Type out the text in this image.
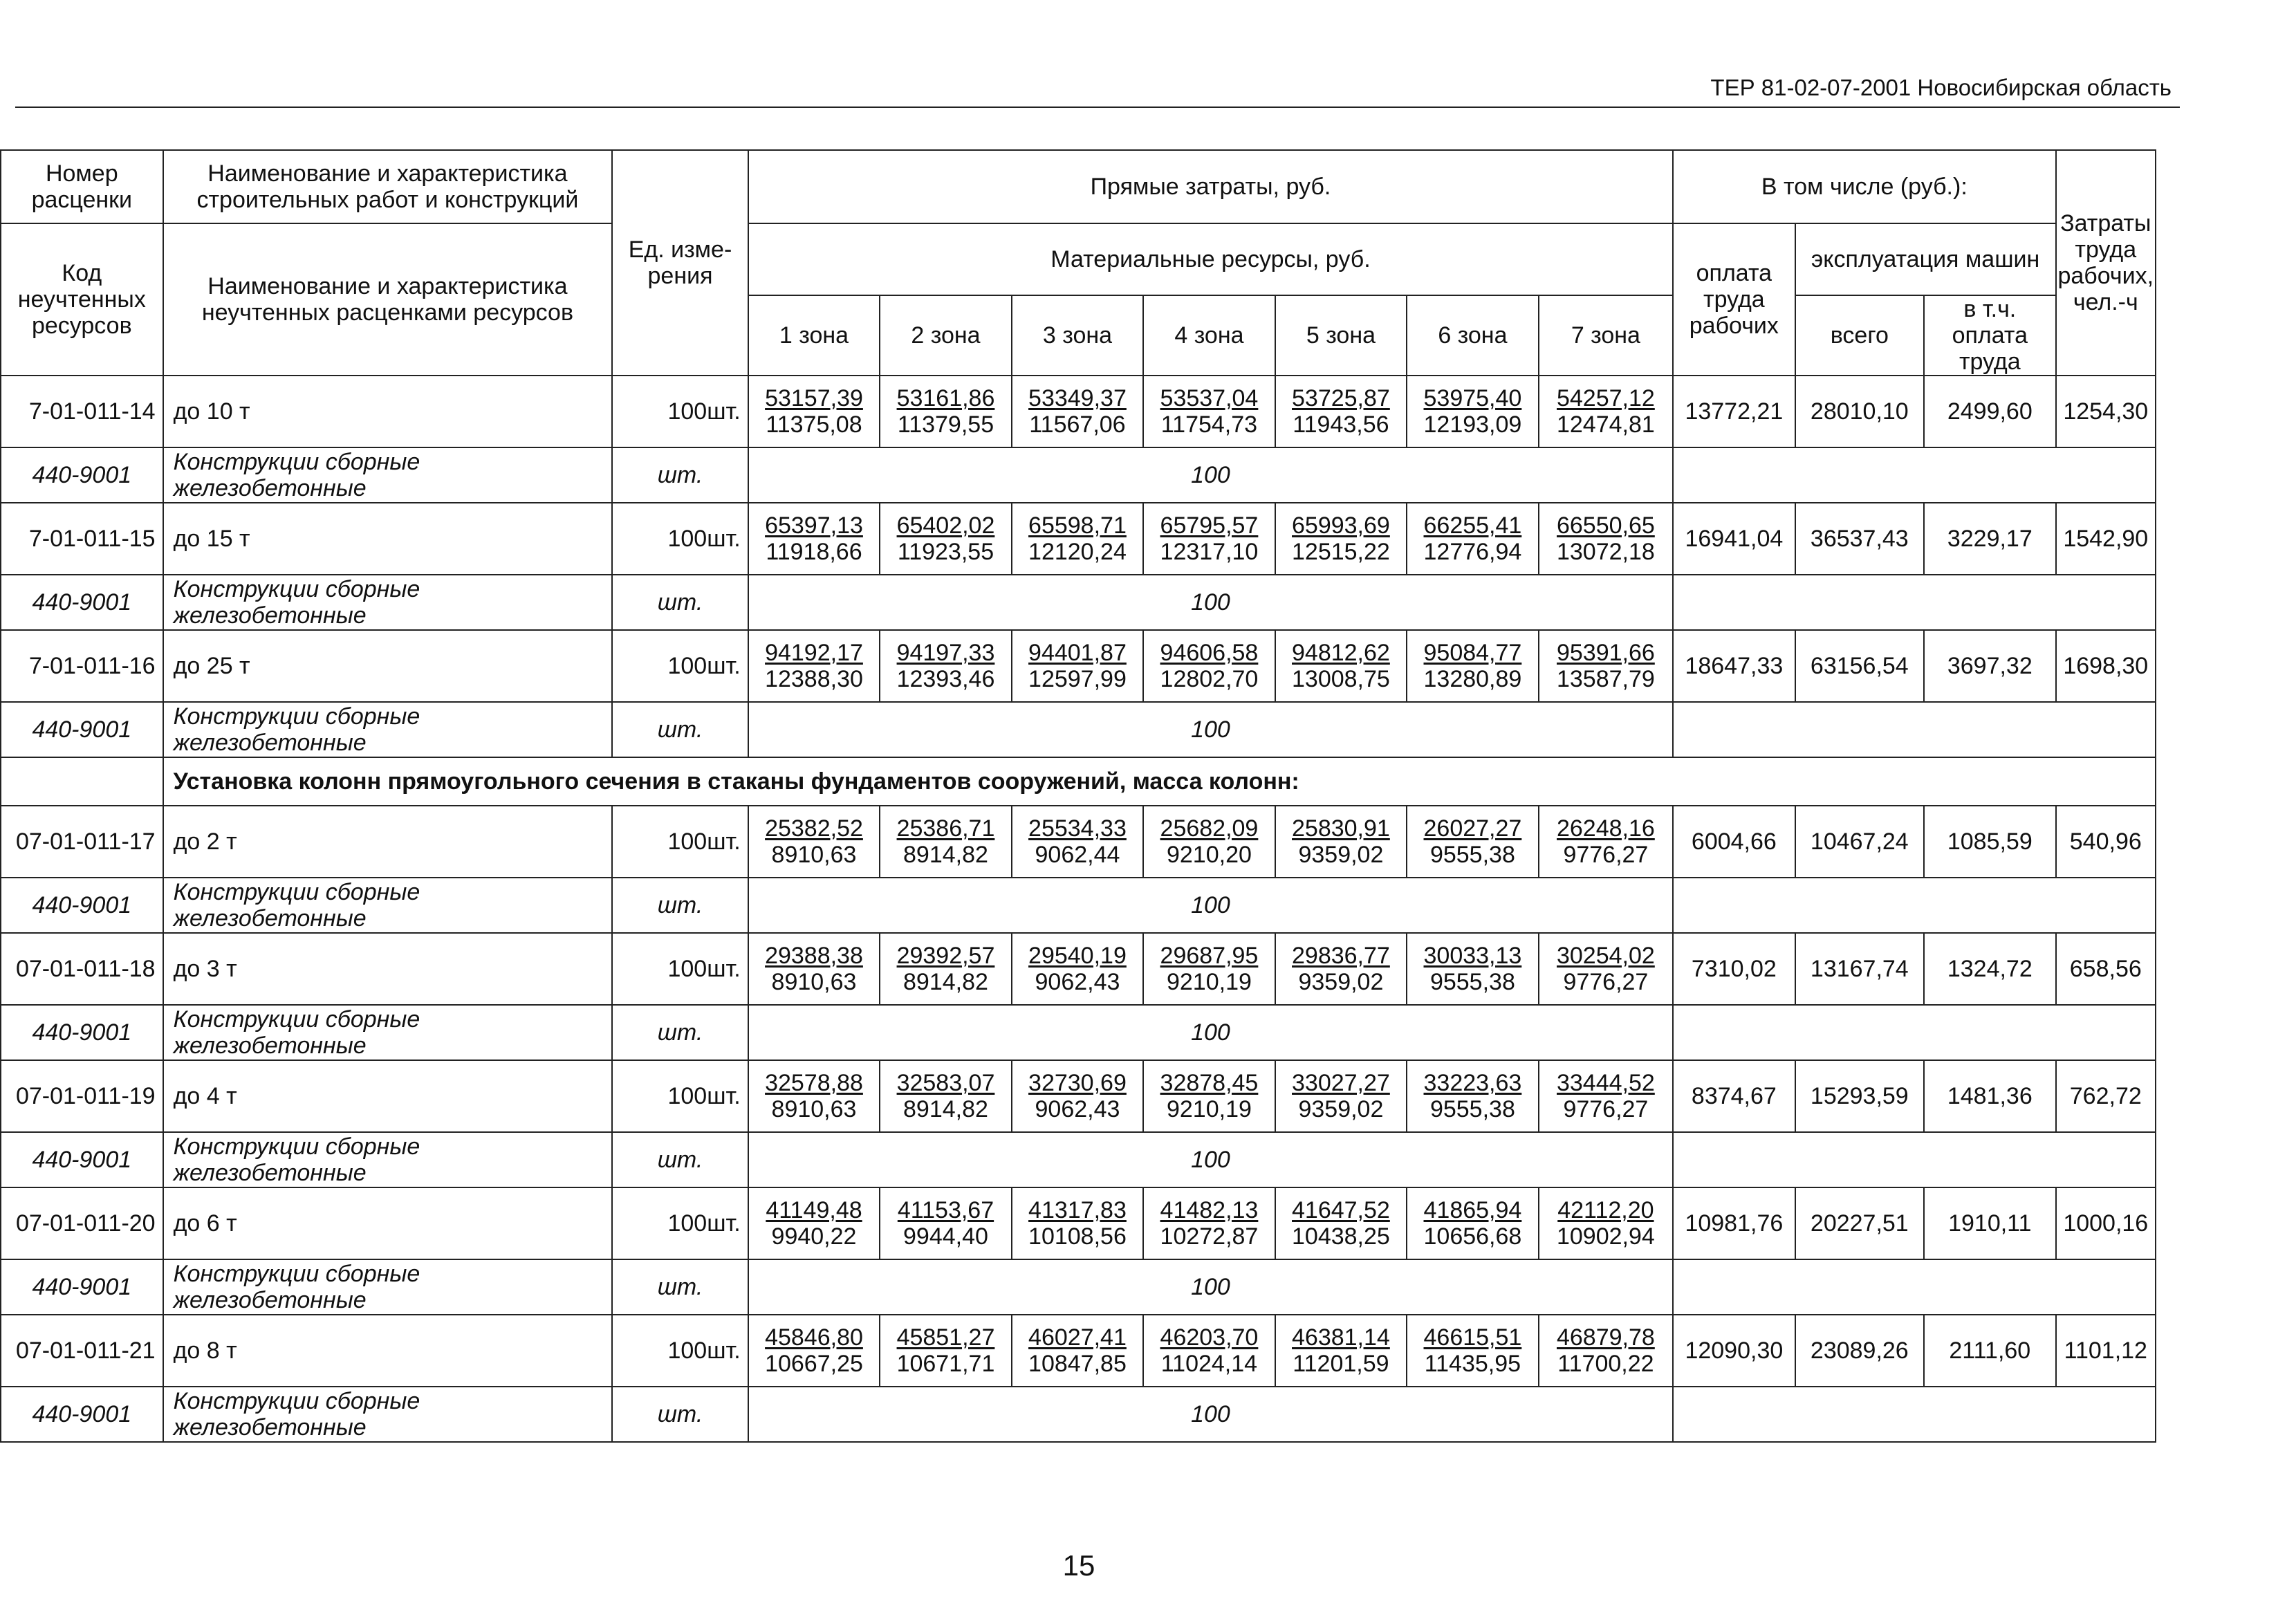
ТЕР 81-02-07-2001 Новосибирская область
Номер расценки	Наименование и характеристика строительных работ и конструкций	Ед. изме- рения	Прямые затраты, руб.							В том числе (руб.):			Затраты труда рабочих, чел.-ч
Код неучтенных ресурсов	Наименование и характеристика неучтенных расценками ресурсов		Материальные ресурсы, руб.							оплата труда рабочих	эксплуатация машин		
			1 зона	2 зона	3 зона	4 зона	5 зона	6 зона	7 зона		всего	в т.ч. оплата труда	
7-01-011-14	до 10 т	100шт.	$\frac{53157,39}{11375,08}$	$\frac{53161,86}{11379,55}$	$\frac{53349,37}{11567,06}$	$\frac{53537,04}{11754,73}$	$\frac{53725,87}{11943,56}$	$\frac{53975,40}{12193,09}$	$\frac{54257,12}{12474,81}$	13772,21	28010,10	2499,60	1254,30
440-9001	Конструкции сборные железобетонные	шт.	100										
7-01-011-15	до 15 т	100шт.	$\frac{65397,13}{11918,66}$	$\frac{65402,02}{11923,55}$	$\frac{65598,71}{12120,24}$	$\frac{65795,57}{12317,10}$	$\frac{65993,69}{12515,22}$	$\frac{66255,41}{12776,94}$	$\frac{66550,65}{13072,18}$	16941,04	36537,43	3229,17	1542,90
440-9001	Конструкции сборные железобетонные	шт.	100										
7-01-011-16	до 25 т	100шт.	$\frac{94192,17}{12388,30}$	$\frac{94197,33}{12393,46}$	$\frac{94401,87}{12597,99}$	$\frac{94606,58}{12802,70}$	$\frac{94812,62}{13008,75}$	$\frac{95084,77}{13280,89}$	$\frac{95391,66}{13587,79}$	18647,33	63156,54	3697,32	1698,30
440-9001	Конструкции сборные железобетонные	шт.	100										
	Установка колонн прямоугольного сечения в стаканы фундаментов сооружений, масса колонн:												
07-01-011-17	до 2 т	100шт.	$\frac{25382,52}{8910,63}$	$\frac{25386,71}{8914,82}$	$\frac{25534,33}{9062,44}$	$\frac{25682,09}{9210,20}$	$\frac{25830,91}{9359,02}$	$\frac{26027,27}{9555,38}$	$\frac{26248,16}{9776,27}$	6004,66	10467,24	1085,59	540,96
440-9001	Конструкции сборные железобетонные	шт.	100										
07-01-011-18	до 3 т	100шт.	$\frac{29388,38}{8910,63}$	$\frac{29392,57}{8914,82}$	$\frac{29540,19}{9062,43}$	$\frac{29687,95}{9210,19}$	$\frac{29836,77}{9359,02}$	$\frac{30033,13}{9555,38}$	$\frac{30254,02}{9776,27}$	7310,02	13167,74	1324,72	658,56
440-9001	Конструкции сборные железобетонные	шт.	100										
07-01-011-19	до 4 т	100шт.	$\frac{32578,88}{8910,63}$	$\frac{32583,07}{8914,82}$	$\frac{32730,69}{9062,43}$	$\frac{32878,45}{9210,19}$	$\frac{33027,27}{9359,02}$	$\frac{33223,63}{9555,38}$	$\frac{33444,52}{9776,27}$	8374,67	15293,59	1481,36	762,72
440-9001	Конструкции сборные железобетонные	шт.	100										
07-01-011-20	до 6 т	100шт.	$\frac{41149,48}{9940,22}$	$\frac{41153,67}{9944,40}$	$\frac{41317,83}{10108,56}$	$\frac{41482,13}{10272,87}$	$\frac{41647,52}{10438,25}$	$\frac{41865,94}{10656,68}$	$\frac{42112,20}{10902,94}$	10981,76	20227,51	1910,11	1000,16
440-9001	Конструкции сборные железобетонные	шт.	100										
07-01-011-21	до 8 т	100шт.	$\frac{45846,80}{10667,25}$	$\frac{45851,27}{10671,71}$	$\frac{46027,41}{10847,85}$	$\frac{46203,70}{11024,14}$	$\frac{46381,14}{11201,59}$	$\frac{46615,51}{11435,95}$	$\frac{46879,78}{11700,22}$	12090,30	23089,26	2111,60	1101,12
440-9001	Конструкции сборные железобетонные	шт.	100										
15
